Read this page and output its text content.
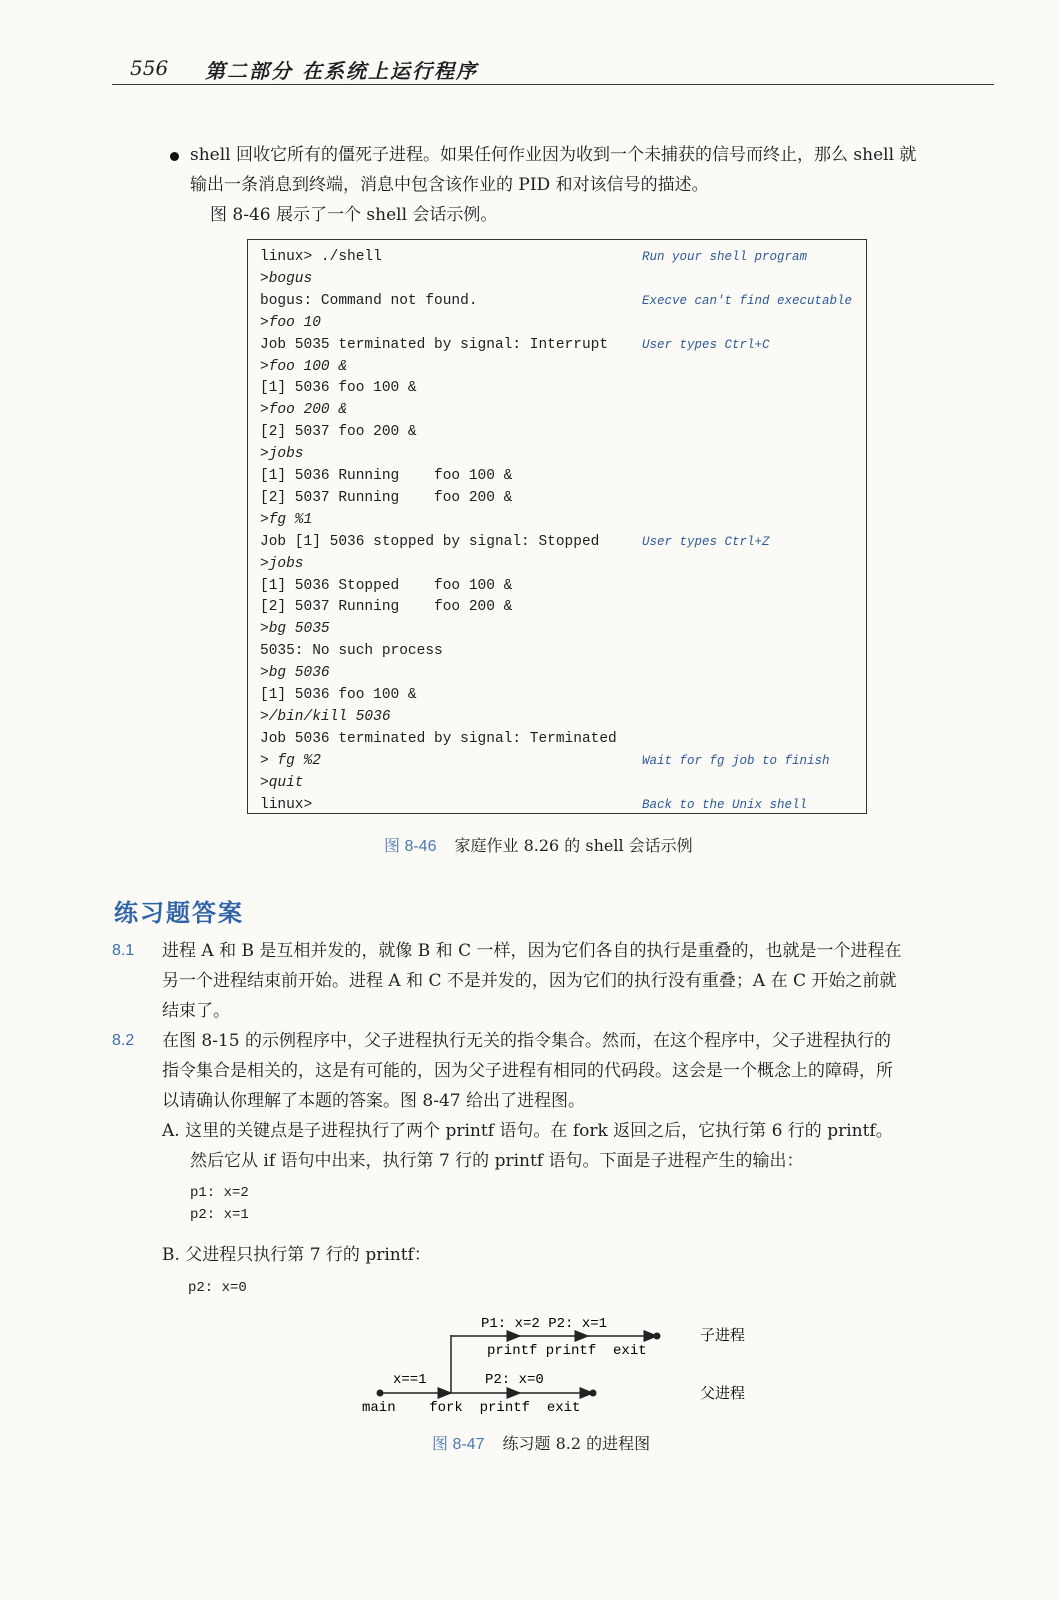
556 第二部分 在系统上运行程序
shell 回收它所有的僵死子进程。如果任何作业因为收到一个未捕获的信号而终止，那么 shell 就
输出一条消息到终端，消息中包含该作业的 PID 和对该信号的描述。
图 8-46 展示了一个 shell 会话示例。
linux> ./shell	Run your shell program
>bogus
bogus: Command not found.	Execve can't find executable
>foo 10
Job 5035 terminated by signal: Interrupt	User types Ctrl+C
>foo 100 &
[1] 5036 foo 100 &
>foo 200 &
[2] 5037 foo 200 &
>jobs
[1] 5036 Running    foo 100 &
[2] 5037 Running    foo 200 &
>fg %1
Job [1] 5036 stopped by signal: Stopped	User types Ctrl+Z
>jobs
[1] 5036 Stopped    foo 100 &
[2] 5037 Running    foo 200 &
>bg 5035
5035: No such process
>bg 5036
[1] 5036 foo 100 &
>/bin/kill 5036
Job 5036 terminated by signal: Terminated
> fg %2	Wait for fg job to finish
>quit
linux>	Back to the Unix shell
图 8-46 家庭作业 8.26 的 shell 会话示例
练习题答案
8.1 进程 A 和 B 是互相并发的，就像 B 和 C 一样，因为它们各自的执行是重叠的，也就是一个进程在
另一个进程结束前开始。进程 A 和 C 不是并发的，因为它们的执行没有重叠；A 在 C 开始之前就
结束了。
8.2 在图 8-15 的示例程序中，父子进程执行无关的指令集合。然而，在这个程序中，父子进程执行的
指令集合是相关的，这是有可能的，因为父子进程有相同的代码段。这会是一个概念上的障碍，所
以请确认你理解了本题的答案。图 8-47 给出了进程图。
A. 这里的关键点是子进程执行了两个 printf 语句。在 fork 返回之后，它执行第 6 行的 printf。
然后它从 if 语句中出来，执行第 7 行的 printf 语句。下面是子进程产生的输出：
p1: x=2
p2: x=1
B. 父进程只执行第 7 行的 printf：
p2: x=0
P1: x=2 P2: x=1
printf printf  exit
x==1	P2: x=0
main    fork  printf  exit
子进程
父进程
图 8-47 练习题 8.2 的进程图
